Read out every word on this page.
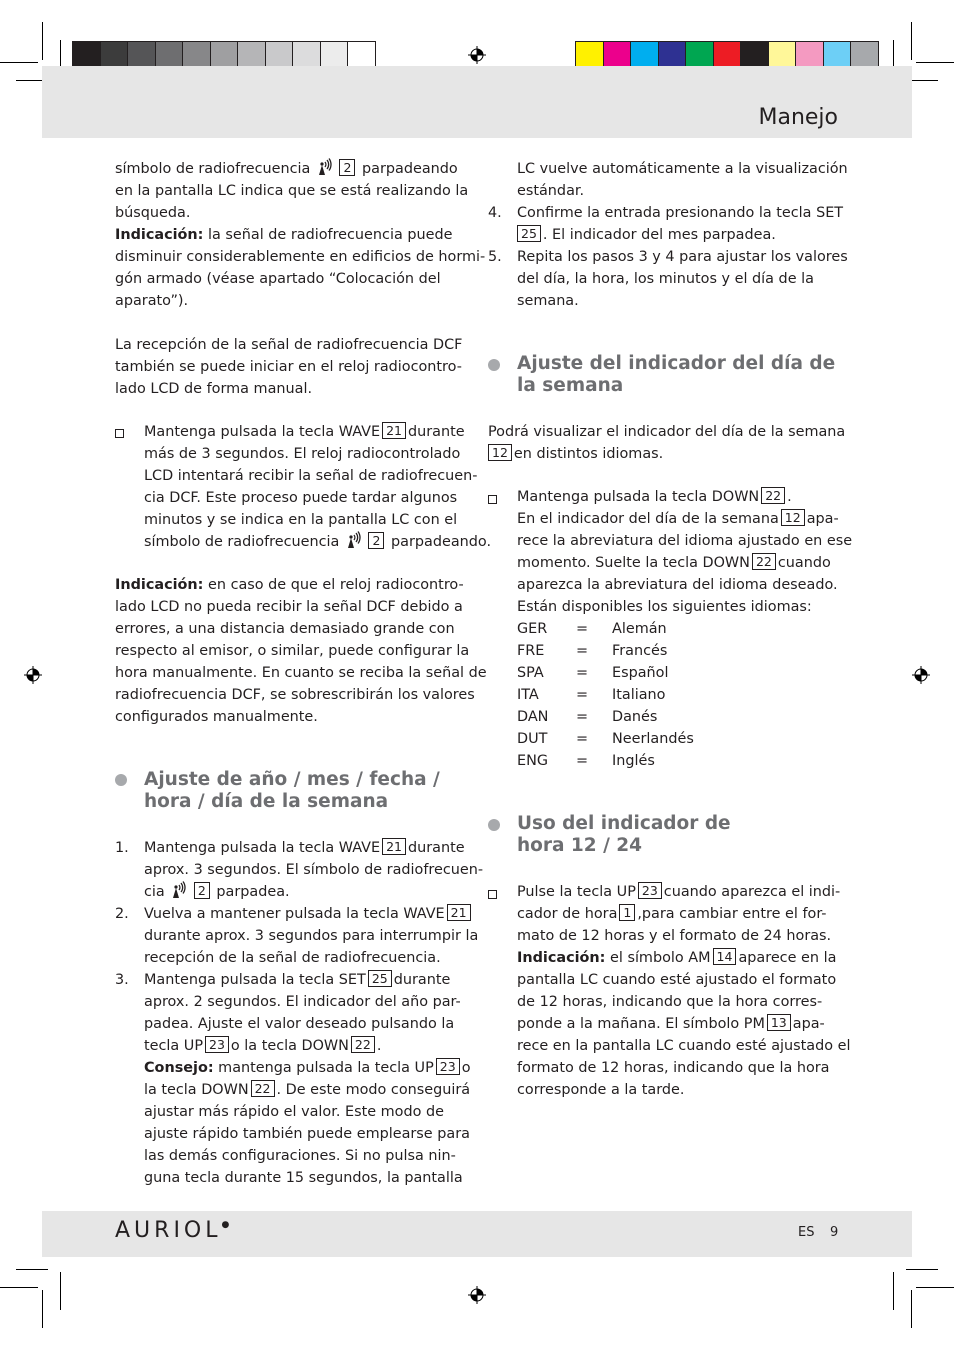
Manejo
símbolo de radiofrecuencia	2 parpadeando
en la pantalla LC indica que se está realizando la
búsqueda.
Indicación: la señal de radiofrecuencia puede
disminuir considerablemente en edificios de hormi-
gón armado (véase apartado “Colocación del
aparato”).
La recepción de la señal de radiofrecuencia DCF
también se puede iniciar en el reloj radiocontro-
lado LCD de forma manual.
Mantenga pulsada la tecla WAVE 21 durante
más de 3 segundos. El reloj radiocontrolado
LCD intentará recibir la señal de radiofrecuen-
cia DCF. Este proceso puede tardar algunos
minutos y se indica en la pantalla LC con el
símbolo de radiofrecuencia	2 parpadeando.
Indicación: en caso de que el reloj radiocontro-
lado LCD no pueda recibir la señal DCF debido a
errores, a una distancia demasiado grande con
respecto al emisor, o similar, puede configurar la
hora manualmente. En cuanto se reciba la señal de
radiofrecuencia DCF, se sobrescribirán los valores
configurados manualmente.
Ajuste de año / mes / fecha /
hora / día de la semana
1. Mantenga pulsada la tecla WAVE 21 durante
aprox. 3 segundos. El símbolo de radiofrecuen-
cia	2 parpadea.
2. Vuelva a mantener pulsada la tecla WAVE 21
durante aprox. 3 segundos para interrumpir la
recepción de la señal de radiofrecuencia.
3. Mantenga pulsada la tecla SET 25 durante
aprox. 2 segundos. El indicador del año par-
padea. Ajuste el valor deseado pulsando la
tecla UP 23 o la tecla DOWN 22 .
Consejo: mantenga pulsada la tecla UP 23 o
la tecla DOWN 22 . De este modo conseguirá
ajustar más rápido el valor. Este modo de
ajuste rápido también puede emplearse para
las demás configuraciones. Si no pulsa nin-
guna tecla durante 15 segundos, la pantalla
LC vuelve automáticamente a la visualización
estándar.
4. Confirme la entrada presionando la tecla SET
25 . El indicador del mes parpadea.
5. Repita los pasos 3 y 4 para ajustar los valores
del día, la hora, los minutos y el día de la
semana.
Ajuste del indicador del día de
la semana
Podrá visualizar el indicador del día de la semana
12 en distintos idiomas.
Mantenga pulsada la tecla DOWN 22 .
En el indicador del día de la semana 12 apa-
rece la abreviatura del idioma ajustado en ese
momento. Suelte la tecla DOWN 22 cuando
aparezca la abreviatura del idioma deseado.
Están disponibles los siguientes idiomas:
GER = Alemán
FRE = Francés
SPA = Español
ITA	= Italiano
DAN = Danés
DUT = Neerlandés
ENG = Inglés
Uso del indicador de
hora 12 / 24
Pulse la tecla UP 23 cuando aparezca el indi-
cador de hora 1 ,para cambiar entre el for-
mato de 12 horas y el formato de 24 horas.
Indicación: el símbolo AM 14 aparece en la
pantalla LC cuando esté ajustado el formato
de 12 horas, indicando que la hora corres-
ponde a la mañana. El símbolo PM 13 apa-
rece en la pantalla LC cuando esté ajustado el
formato de 12 horas, indicando que la hora
corresponde a la tarde.
AURIOL●	ES 9
